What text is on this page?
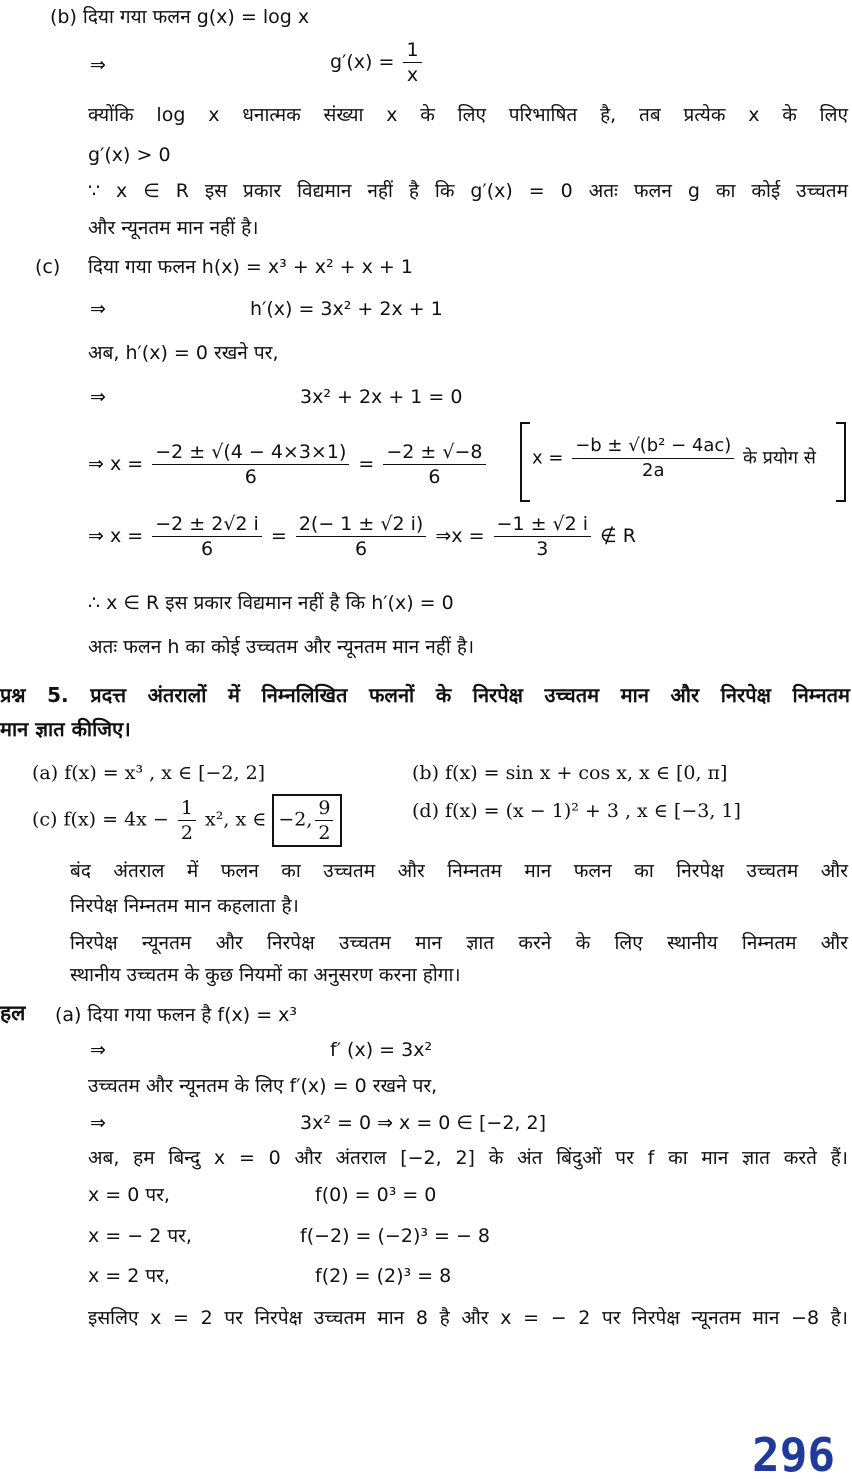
(b) दिया गया फलन g(x) = log x
⇒	$g'(x) = \frac{1}{x}$
क्योंकि log x धनात्मक संख्या x के लिए परिभाषित है, तब प्रत्येक x के लिए
g′(x) > 0
∵ x ∈ R इस प्रकार विद्यमान नहीं है कि g′(x) = 0 अतः फलन g का कोई उच्चतम
और न्यूनतम मान नहीं है।
(c) दिया गया फलन h(x) = x³ + x² + x + 1
⇒	h′(x) = 3x² + 2x + 1
अब, h′(x) = 0 रखने पर,
⇒	3x² + 2x + 1 = 0
⇒ $x = \frac{-2 \pm √(4 - 4\times 3\times 1)}{6} = \frac{-2 \pm √-8}{6}$	$x = \frac{\text{−b ± √(b² − 4ac)}}{2a}$ के प्रयोग से
⇒ $x = \frac{-2 \pm 2√2 i}{6} = \frac{2(- 1 \pm √2 i)}{6}$ ⇒x = $\frac{-1 \pm √2 i}{3}$ ∉ R
∴ x ∈ R इस प्रकार विद्यमान नहीं है कि h′(x) = 0
अतः फलन h का कोई उच्चतम और न्यूनतम मान नहीं है।
प्रश्न 5. प्रदत्त अंतरालों में निम्नलिखित फलनों के निरपेक्ष उच्चतम मान और निरपेक्ष निम्नतम
मान ज्ञात कीजिए।
(a) f(x) = x³ , x ∈ [−2, 2]	(b) f(x) = sin x + cos x, x ∈ [0, π]
(c) $f(x) = 4x - \frac{1}{2} x^2$, x ∈ −2, $\frac{9}{2}$	(d) f(x) = (x − 1)² + 3 , x ∈ [−3, 1]
बंद अंतराल में फलन का उच्चतम और निम्नतम मान फलन का निरपेक्ष उच्चतम और
निरपेक्ष निम्नतम मान कहलाता है।
निरपेक्ष न्यूनतम और निरपेक्ष उच्चतम मान ज्ञात करने के लिए स्थानीय निम्नतम और
स्थानीय उच्चतम के कुछ नियमों का अनुसरण करना होगा।
हल (a) दिया गया फलन है f(x) = x³
⇒	f′ (x) = 3x²
उच्चतम और न्यूनतम के लिए f′(x) = 0 रखने पर,
⇒	3x² = 0 ⇒ x = 0 ∈ [−2, 2]
अब, हम बिन्दु x = 0 और अंतराल [−2, 2] के अंत बिंदुओं पर f का मान ज्ञात करते हैं।
x = 0 पर,	f(0) = 0³ = 0
x = − 2 पर,	f(−2) = (−2)³ = − 8
x = 2 पर,	f(2) = (2)³ = 8
इसलिए x = 2 पर निरपेक्ष उच्चतम मान 8 है और x = − 2 पर निरपेक्ष न्यूनतम मान −8 है।
296
